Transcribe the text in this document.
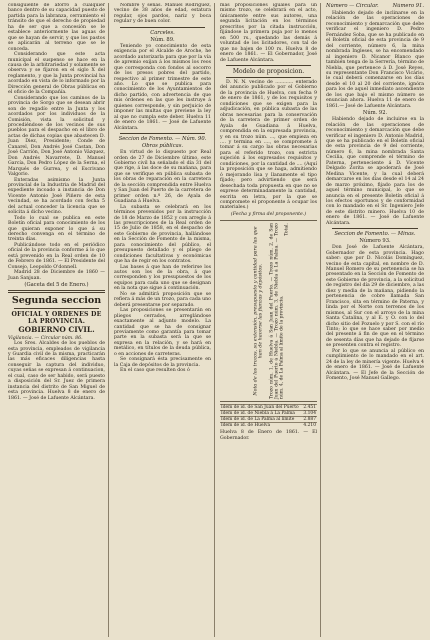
consiguiente de aforro á cualquier banco dentro de su capacidad puesto de partida para la labranza, cerramiento el tránsito de que el derecho de propiedad ha de ser que a concesión se le establece anteriormente las aguas de que se hayan de servir, y que los pastos se aplicarán al terreno que se le conceda.

Considerando que este acta municipal el suspenso se hace en la causa de la arbitrariedad y solamente se observa y se fijaron en el siglo X del reglamento, y que la Junta provincial ha acordado en vista de lo informado por la Dirección general de Obras públicas en el oficio de la Compañía.

Considerando que los caminos de la provincia de Sorgo que se desean abrir son de regadío entre la Junta y los acordados por los individuos de la Comisión, vista la solicitud y procediéndose de los vecinos de sus pueblos para el despacho en el libro de actas de dichas copias que abastecen D. Juan Diez, Presidente; Conde de Canarel, Don Andrés José Castan, Don José Carrión, Don José Antonio Vázquez, Don Andrés Navarrete, D. Manuel García, Don Pedro López de la Serna, el Marqués de Gurrea, y el Escrivano Valgorio.

Enteradas asimismo la Junta provincial de la Industria de Madrid del expediente incoado a instancia de Don Vicente Antonio José Piñero de esta vecindad, se ha acordado con fecha 5 del actual conceder la licencia que se solicita á dicho vecino.

Todo lo cual se publica en este Boletín oficial para conocimiento de los que quieran exponer lo que á su derecho convenga en el término de treinta días.

Publicándose todo en el periódico oficial de la provincia conforme á lo que está prevenido en la Real orden de 10 de Febrero de 1861. — El Presidente del Consejo, Leopoldo O'donnell.

Madrid 28 de Diciembre de 1860 — Juan Sanjuan.

(Gaceta del 5 de Enero.)

Segunda seccion
OFICIAL Y ORDENES DE LA PROVINCIA.
GOBIERNO CIVIL.

Vigilancia. — Circular núm. 86.

Los Sres. Alcaldes de los pueblos de esta provincia, empleados de vigilancia y Guardia civil de la misma, practicarán las más eficaces diligencias hasta conseguir la captura del individuo, cuyas señas se expresan á continuacion, el cual, caso de ser habido, será puesto a disposición del Sr. Juez de primera instancia del distrito de San Miguel de esta provincia. Huelva 8 de enero de 1861. — José de Lafuente Alcántara.

Nombre y señas. Manuel Rodríguez, vecino de 38 años de edad, estatura regular, ojos pardos, nariz y boca regular y de buen color.

Carceles.
Núm. 89.

Teniendo yo conocimiento de esta exigencia por el Alcalde de Aroche, he acordado autorizarla para que por la vía de apremio exijan á los mismos los reos que corresponda con fondos al socorro de los presos pobres del partido, respectivo al primer trimestre de este año. Lo que se publica para conocimiento de los Ayuntamientos de dicho partido, con advertencia de que mis órdenes en las que les instruye á quienes corresponde, y sin perjuicio de imponer las multas que previene la ley al que no cumpla este deber. Huelva 11 de enero de 1861. — José de Lafuente Alcántara.

Seccion de Fomento. — Núm. 90.
Obras públicas.

En virtud de lo dispuesto por Real orden de 27 de Diciembre último, este Gobierno civil ha señalado el día 31 del que rige, á las doce de su mañana, para que se verifique en pública subasta de los obras de reparación en la carretera de la sección comprendida entre Huelva y San Juan del Puerto de la carretera de primer orden n.º 26, de Ayala de Guadiana á Huelva.

La subasta se celebrará en los términos prevenidos por la instrucción de 18 de Marzo de 1852 y con arreglo á las prescripciones de la Real orden de 15 de Julio de 1858, en el despacho de este Gobierno de provincia, hallándose en la Sección de Fomento de la misma, para conocimiento del público, el presupuesto detallado y el pliego de condiciones facultativas y económicas que ha de regir en los contratos.

Las bases á que han de referirse los autos son los de la obra, á que corresponden y los presupuestos de los equipos para cada uno que se designan en la nota que sigue á continuación.

No se admitirá proposición que se refiera á más de un trozo, para cada uno deberá presentarse por separado.

Las proposiciones se presentarán en pliegos cerrados, arreglándose exactamente al adjunto modelo. La cantidad que se ha de consignar previamente como garantía para tomar parte en la subasta será la que se expresa en la relación, y se hará en metálico, en títulos de la deuda pública, o en acciones de carreteras.

Se consignará ésta precisamente en la Caja de depósitos de la provincia.

En el caso que resulten dos ó

más proposiciones iguales para un mismo trozo, se celebrará en el acto, únicamente entre sus autores, una segunda licitación en los términos prescritos por la citada instrucción, fijándose la primera puja por lo menos en 500 rs., quedando las demás á voluntad de los licitadores, con tal de que no bajen de 100 rs. Huelva 8 de enero de 1861. — El Gobernador, José de Lafuente Alcántara.

Modelo de proposicion.

D. N. N. vecino de ............ enterado del anuncio publicado por el Gobierno de la provincia de Huelva, con fecha 9 de enero de 1861, y de los requisitos y condiciones que se exigen para la adjudicación, en pública subasta de las obras necesarias para la conservación de la carretera de primer orden de Ayala de Guadiana á Huelva, comprendida en la expresada provincia, y en su trozo núm. ..., que empieza en .... y termina en ...., se compromete á tomar á su cargo las obras necesarias para el referido trozo, con estricta sujeción á los expresados requisitos y condiciones, por la cantidad de .... (Aquí la proposición que se haga, admitiendo ó mejorando lisa y llanamente el tipo fijado; pero advirtiendo que será desechada toda propuesta en que no se exprese determinadamente la cantidad, escrita en letra, por la que se compromete el proponente á ocupar los materiales.)

(Fecha y firma del proponente.)

Nota de los trozos, su extensión, presupuesto y cantidad para las que han de hacerse las fianzas y depósitos. Trozo núm. 1, de Huelva á San Juan del Puerto. — Trozo núm. 2, de San Juan del Puerto á Niebla. — Trozo núm. 3, de Niebla á La Palma. — Trozo núm. 4, de La Palma al límite de la provincia.

Total.

Idem de id. de San Juan del Puerto	2.451
Idem de id. de Niebla á La Palma	3.104
Idem de id. de La Palma al límite	2.887
Idem de id. de Huelva	4.210

Huelva 8 de Enero de 1861. — El Gobernador.

Número — Circular.	Número 91.

Habiendo dejado de inclinarse en la relación de las operaciones de reconocimiento y demarcación que debe verificar el ingeniero D. Pedro Fernández Soba, que se ha publicado en el Boletín oficial de esta provincia de 9 del corriente, número 6, la mina nombrada Ingleses, se ha encomendado al ingeniero D. Nicanor Blanco que también tenga de la Serrería, término de Niebla, que pertenece á D. José Reyes, su representante Don Francisco Vicário, le cual deberá comenzarse en los días desde el 10 al 20 del corriente, ignóra para los de aquel inmediato ascendiente de los que bajo el mismo número se enuncian ahora. Huelva 11 de enero de 1861.— José de Lafuente Alcántara.

Núm. 92.

Habiendo dejado de incluirse en la relación de las operaciones de reconocimiento y demarcación que debe verificar el ingeniero D. Antonio Madrid, que se ha publicado en el Boletín oficial de esta provincia de 9 del corriente, número 6, la mina nombrada Santa Cecilia, que comprende el término de Paterna, perteneciente á D. Vicente Delgado Zorita se apoderará de José Medina Vicente, y la cual deberá demarcarse en los días desde el 14 al 24 de marzo próximo, fijado para los de aquel término municipal, lo que se anuncia en el presente Boletín oficial á los efectos oportunos y de conformidad con lo mandado en el Sr. Ingeniero Jefe de este distrito minero. Huelva 10 de enero de 1861. — José de Lafuente Alcántara.

Seccion de Fomento. — Minas.
Número 93.

Don José de Lafuente Alcántara, Gobernador de esta provincia. Hago saber: que por D. Nicolás Domínguez, vecino de esta capital, en nombre de D. Manuel Romero de su pertenencia se ha presentado en la Sección de Fomento de este Gobierno de provincia, a la solicitud de registro del día 29 de diciembre, a las diez y media de la mañana, pidiendo la pertenencia de cobre llamada San Francisco, sita en término de Paterna, y linda por el Norte con terrenos de los mismos, al Sur con el arroyo de la mina Santa Catalina, y al E. y O. con lo del dicho sitio del Pozuelo y por S. con el río Tinto; lo que se hace saber por medio del presente á fin de que en el término de sesenta días que ha dejado de fijarse se presenten contra el registro.

Por lo que se anuncia al público en cumplimiento de lo mandado en el art. 24 de la ley de minería vigente. Huelva 4 de enero de 1861. — José de Lafuente Alcántara. — El Jefe de la Sección de Fomento, José Manuel Gallego.
